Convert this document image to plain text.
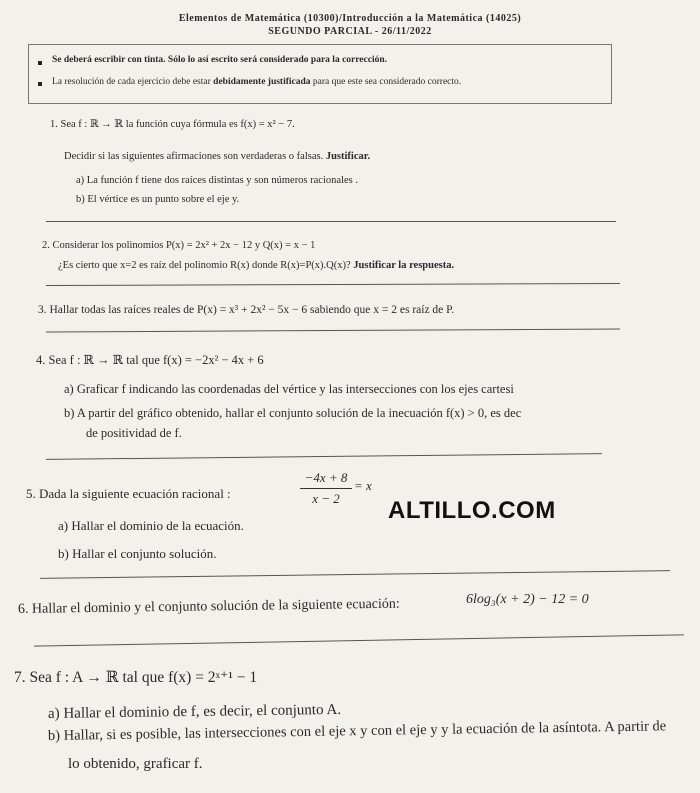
Elementos de Matemática (10300)/Introducción a la Matemática (14025)
SEGUNDO PARCIAL - 26/11/2022
Se deberá escribir con tinta. Sólo lo así escrito será considerado para la corrección.
La resolución de cada ejercicio debe estar debidamente justificada para que este sea considerado correcto.
1. Sea f : ℝ → ℝ la función cuya fórmula es f(x) = x² − 7.
Decidir si las siguientes afirmaciones son verdaderas o falsas. Justificar.
a) La función f tiene dos raíces distintas y son números racionales .
b) El vértice es un punto sobre el eje y.
2. Considerar los polinomios P(x) = 2x² + 2x − 12 y Q(x) = x − 1
¿Es cierto que x=2 es raíz del polinomio R(x) donde R(x)=P(x).Q(x)? Justificar la respuesta.
3. Hallar todas las raíces reales de P(x) = x³ + 2x² − 5x − 6 sabiendo que x = 2 es raíz de P.
4. Sea f : ℝ → ℝ tal que f(x) = −2x² − 4x + 6
a) Graficar f indicando las coordenadas del vértice y las intersecciones con los ejes cartesi
b) A partir del gráfico obtenido, hallar el conjunto solución de la inecuación f(x) > 0, es dec
de positividad de f.
5. Dada la siguiente ecuación racional :
−4x + 8
x − 2
= x
ALTILLO.COM
a) Hallar el dominio de la ecuación.
b) Hallar el conjunto solución.
6. Hallar el dominio y el conjunto solución de la siguiente ecuación:	6log₃(x + 2) − 12 = 0
7. Sea f : A → ℝ tal que f(x) = 2ˣ⁺¹ − 1
a) Hallar el dominio de f, es decir, el conjunto A.
b) Hallar, si es posible, las intersecciones con el eje x y con el eje y y la ecuación de la asíntota. A partir de
lo obtenido, graficar f.
